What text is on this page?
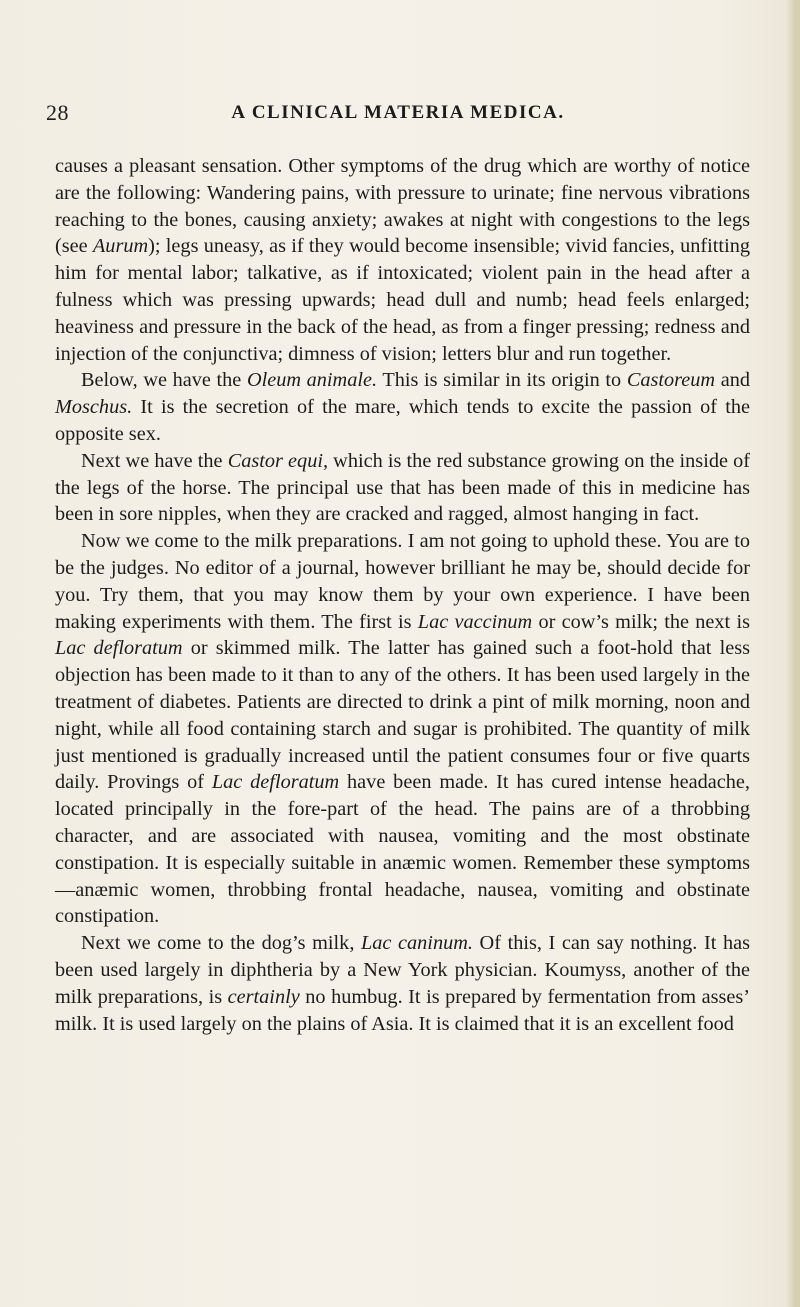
28	A CLINICAL MATERIA MEDICA.

causes a pleasant sensation. Other symptoms of the drug which are worthy of notice are the following: Wandering pains, with pressure to urinate; fine nervous vibrations reaching to the bones, causing anxiety; awakes at night with congestions to the legs (see Aurum); legs uneasy, as if they would become insensible; vivid fancies, unfitting him for mental labor; talkative, as if intoxicated; violent pain in the head after a fulness which was pressing upwards; head dull and numb; head feels enlarged; heaviness and pressure in the back of the head, as from a finger pressing; redness and injection of the conjunctiva; dimness of vision; letters blur and run together.

Below, we have the Oleum animale. This is similar in its origin to Castoreum and Moschus. It is the secretion of the mare, which tends to excite the passion of the opposite sex.

Next we have the Castor equi, which is the red substance growing on the inside of the legs of the horse. The principal use that has been made of this in medicine has been in sore nipples, when they are cracked and ragged, almost hanging in fact.

Now we come to the milk preparations. I am not going to uphold these. You are to be the judges. No editor of a journal, however brilliant he may be, should decide for you. Try them, that you may know them by your own experience. I have been making experiments with them. The first is Lac vaccinum or cow’s milk; the next is Lac defloratum or skimmed milk. The latter has gained such a foot-hold that less objection has been made to it than to any of the others. It has been used largely in the treatment of diabetes. Patients are directed to drink a pint of milk morning, noon and night, while all food containing starch and sugar is prohibited. The quantity of milk just mentioned is gradually increased until the patient consumes four or five quarts daily. Provings of Lac defloratum have been made. It has cured intense headache, located principally in the fore-part of the head. The pains are of a throbbing character, and are associated with nausea, vomiting and the most obstinate constipation. It is especially suitable in anæmic women. Remember these symptoms—anæmic women, throbbing frontal headache, nausea, vomiting and obstinate constipation.

Next we come to the dog’s milk, Lac caninum. Of this, I can say nothing. It has been used largely in diphtheria by a New York physician. Koumyss, another of the milk preparations, is certainly no humbug. It is prepared by fermentation from asses’ milk. It is used largely on the plains of Asia. It is claimed that it is an excellent food
